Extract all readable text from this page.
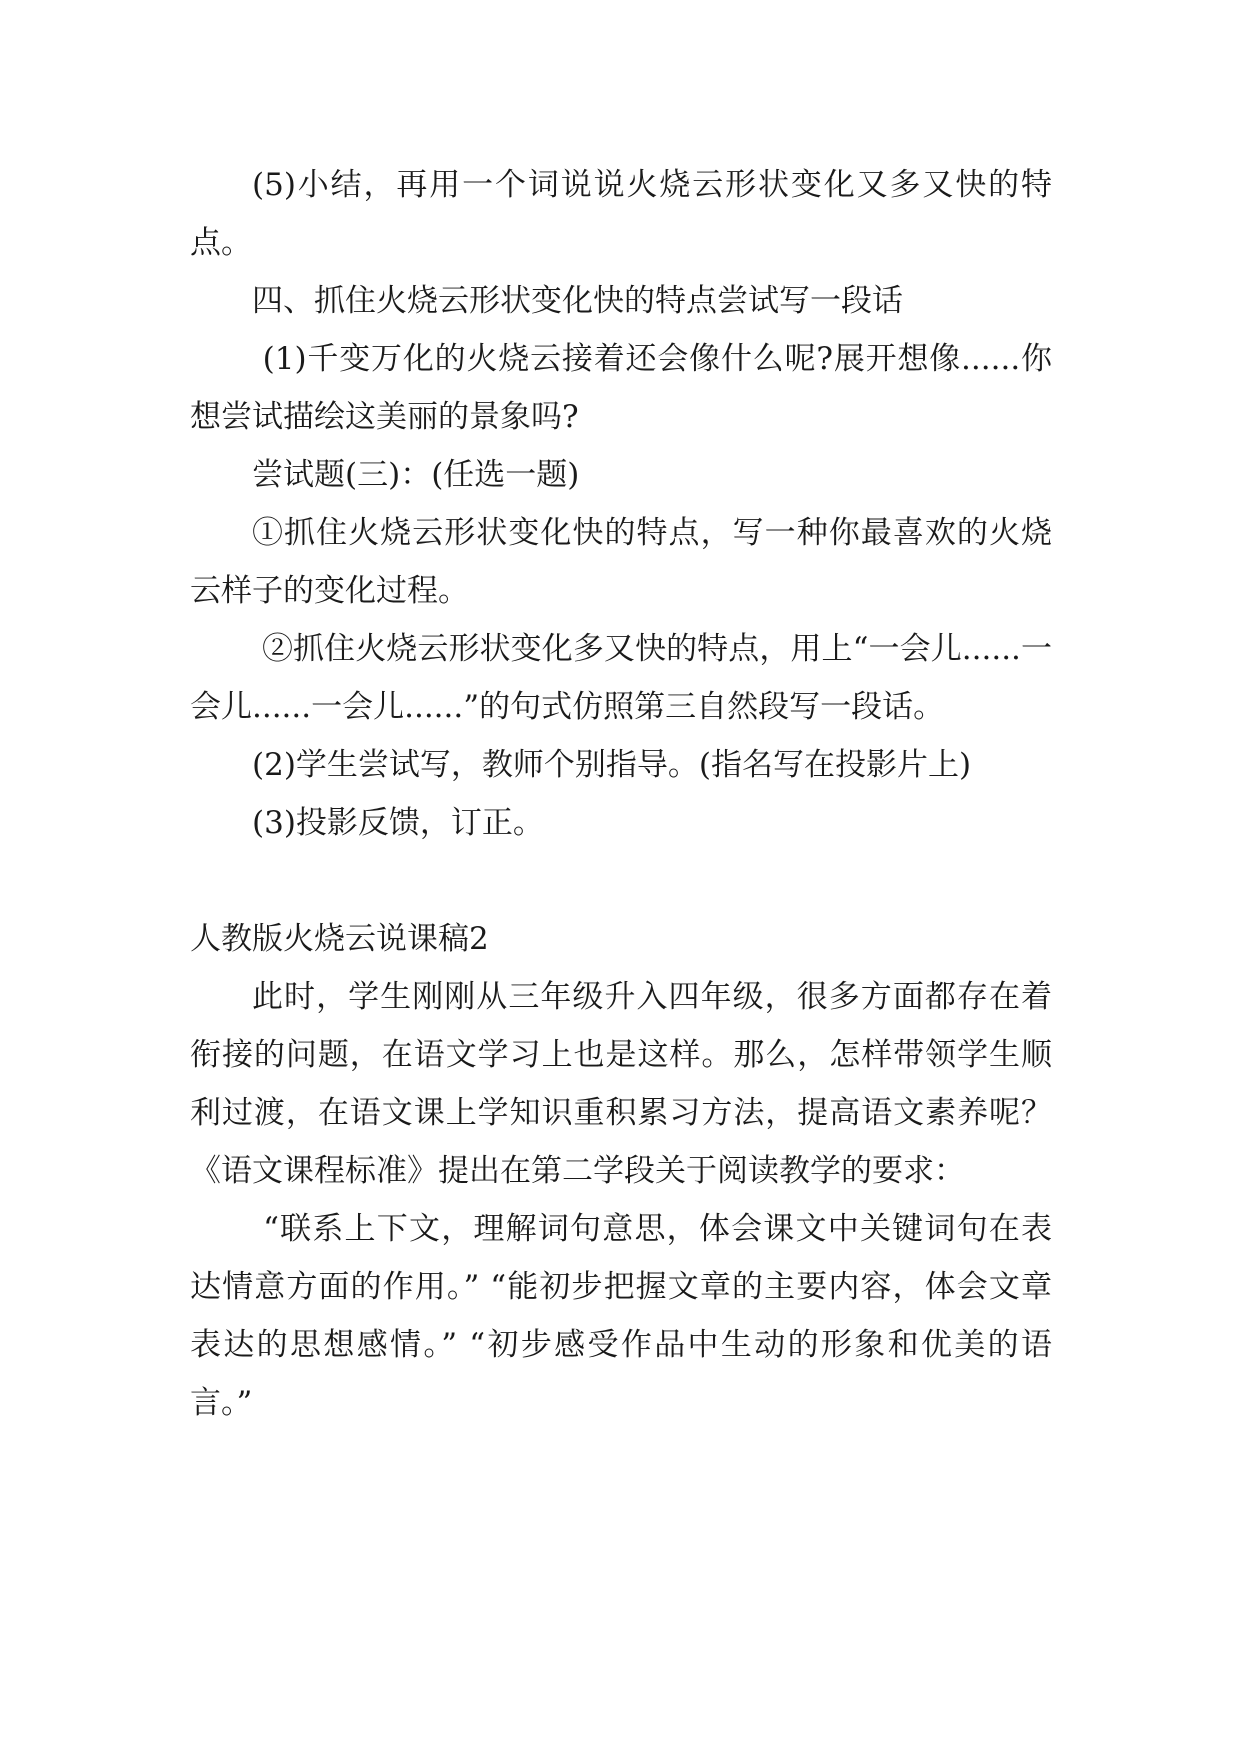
(5)小结，再用一个词说说火烧云形状变化又多又快的特点。

四、抓住火烧云形状变化快的特点尝试写一段话

(1)千变万化的火烧云接着还会像什么呢?展开想像......你想尝试描绘这美丽的景象吗?

尝试题(三)：(任选一题)

①抓住火烧云形状变化快的特点，写一种你最喜欢的火烧云样子的变化过程。

②抓住火烧云形状变化多又快的特点，用上“一会儿......一会儿......一会儿......”的句式仿照第三自然段写一段话。

(2)学生尝试写，教师个别指导。(指名写在投影片上)

(3)投影反馈，订正。

人教版火烧云说课稿2

此时，学生刚刚从三年级升入四年级，很多方面都存在着衔接的问题，在语文学习上也是这样。那么，怎样带领学生顺利过渡，在语文课上学知识重积累习方法，提高语文素养呢？《语文课程标准》提出在第二学段关于阅读教学的要求：

“联系上下文，理解词句意思，体会课文中关键词句在表达情意方面的作用。” “能初步把握文章的主要内容，体会文章表达的思想感情。” “初步感受作品中生动的形象和优美的语言。”
